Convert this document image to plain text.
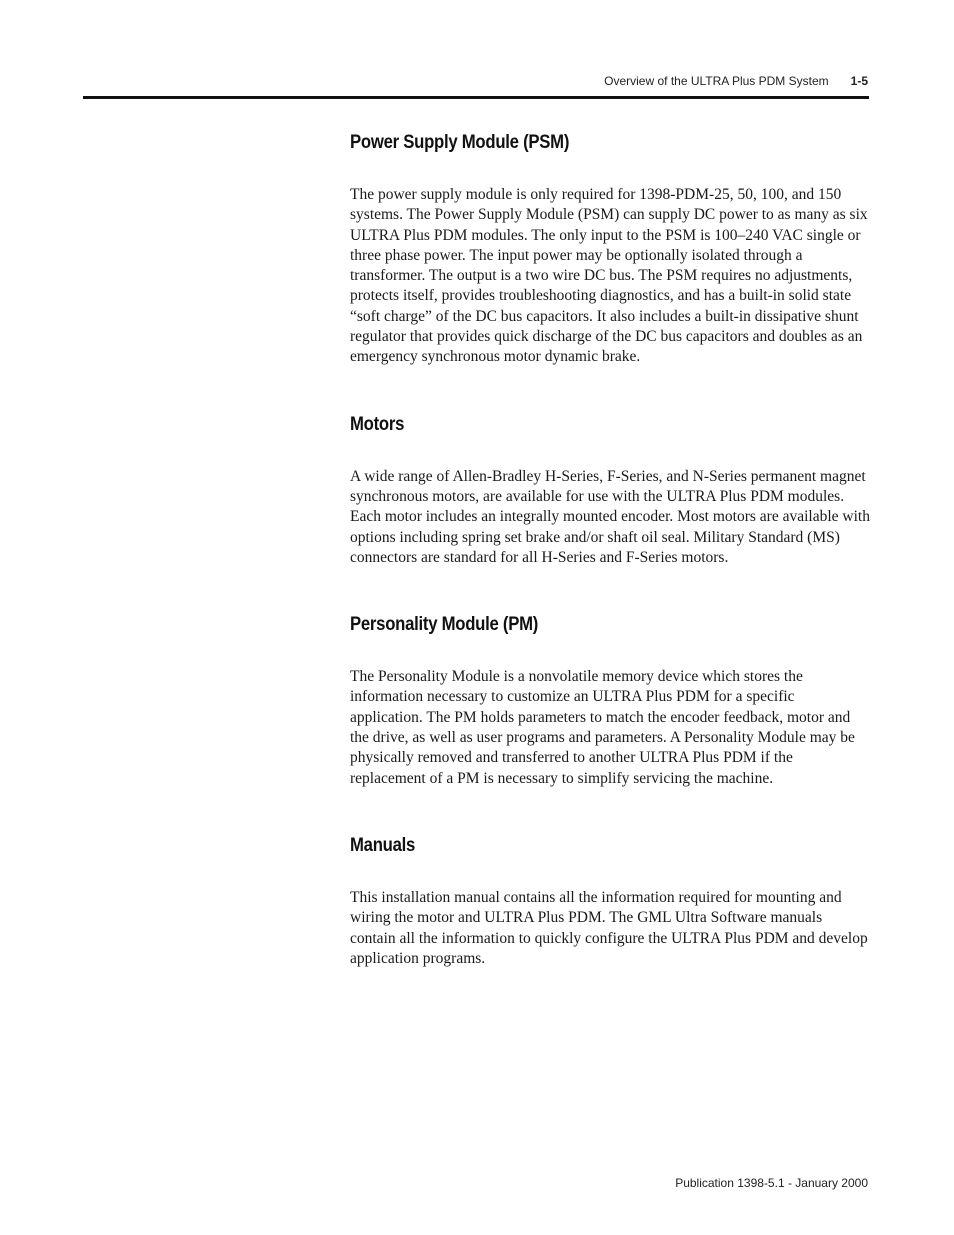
Overview of the ULTRA Plus PDM System 1-5
Power Supply Module (PSM)

The power supply module is only required for 1398-PDM-25, 50, 100, and 150 systems. The Power Supply Module (PSM) can supply DC power to as many as six ULTRA Plus PDM modules. The only input to the PSM is 100–240 VAC single or three phase power. The input power may be optionally isolated through a transformer. The output is a two wire DC bus. The PSM requires no adjustments, protects itself, provides troubleshooting diagnostics, and has a built-in solid state “soft charge” of the DC bus capacitors. It also includes a built-in dissipative shunt regulator that provides quick discharge of the DC bus capacitors and doubles as an emergency synchronous motor dynamic brake.

Motors

A wide range of Allen-Bradley H-Series, F-Series, and N-Series permanent magnet synchronous motors, are available for use with the ULTRA Plus PDM modules. Each motor includes an integrally mounted encoder. Most motors are available with options including spring set brake and/or shaft oil seal. Military Standard (MS) connectors are standard for all H-Series and F-Series motors.

Personality Module (PM)

The Personality Module is a nonvolatile memory device which stores the information necessary to customize an ULTRA Plus PDM for a specific application. The PM holds parameters to match the encoder feedback, motor and the drive, as well as user programs and parameters. A Personality Module may be physically removed and transferred to another ULTRA Plus PDM if the replacement of a PM is necessary to simplify servicing the machine.

Manuals

This installation manual contains all the information required for mounting and wiring the motor and ULTRA Plus PDM. The GML Ultra Software manuals contain all the information to quickly configure the ULTRA Plus PDM and develop application programs.

Publication 1398-5.1 - January 2000
